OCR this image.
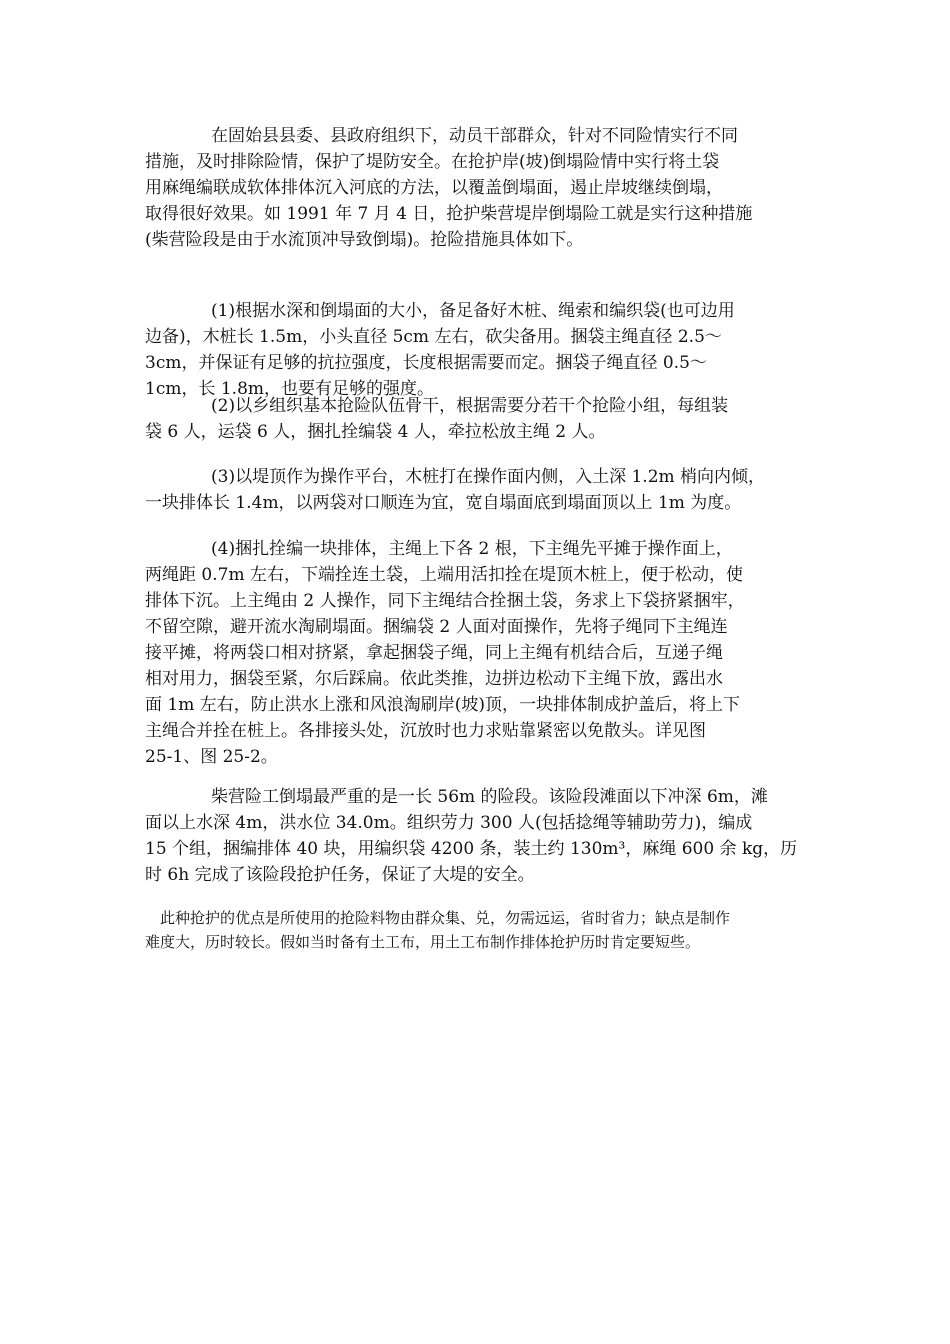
在固始县县委、县政府组织下，动员干部群众，针对不同险情实行不同
措施，及时排除险情，保护了堤防安全。在抢护岸(坡)倒塌险情中实行将土袋
用麻绳编联成软体排体沉入河底的方法，以覆盖倒塌面，遏止岸坡继续倒塌，
取得很好效果。如 1991 年 7 月 4 日，抢护柴营堤岸倒塌险工就是实行这种措施
(柴营险段是由于水流顶冲导致倒塌)。抢险措施具体如下。
(1)根据水深和倒塌面的大小，备足备好木桩、绳索和编织袋(也可边用
边备)，木桩长 1.5m，小头直径 5cm 左右，砍尖备用。捆袋主绳直径 2.5～
3cm，并保证有足够的抗拉强度，长度根据需要而定。捆袋子绳直径 0.5～
1cm，长 1.8m，也要有足够的强度。
(2)以乡组织基本抢险队伍骨干，根据需要分若干个抢险小组，每组装
袋 6 人，运袋 6 人，捆扎拴编袋 4 人，牵拉松放主绳 2 人。
(3)以堤顶作为操作平台，木桩打在操作面内侧，入土深 1.2m 梢向内倾，
一块排体长 1.4m，以两袋对口顺连为宜，宽自塌面底到塌面顶以上 1m 为度。
(4)捆扎拴编一块排体，主绳上下各 2 根，下主绳先平摊于操作面上，
两绳距 0.7m 左右，下端拴连土袋，上端用活扣拴在堤顶木桩上，便于松动，使
排体下沉。上主绳由 2 人操作，同下主绳结合拴捆土袋，务求上下袋挤紧捆牢，
不留空隙，避开流水淘刷塌面。捆编袋 2 人面对面操作，先将子绳同下主绳连
接平摊，将两袋口相对挤紧，拿起捆袋子绳，同上主绳有机结合后，互递子绳
相对用力，捆袋至紧，尔后踩扁。依此类推，边拼边松动下主绳下放，露出水
面 1m 左右，防止洪水上涨和风浪淘刷岸(坡)顶，一块排体制成护盖后，将上下
主绳合并拴在桩上。各排接头处，沉放时也力求贴靠紧密以免散头。详见图
25-1、图 25-2。
柴营险工倒塌最严重的是一长 56m 的险段。该险段滩面以下冲深 6m，滩
面以上水深 4m，洪水位 34.0m。组织劳力 300 人(包括捻绳等辅助劳力)，编成
15 个组，捆编排体 40 块，用编织袋 4200 条，装土约 130m³，麻绳 600 余 kg，历
时 6h 完成了该险段抢护任务，保证了大堤的安全。
此种抢护的优点是所使用的抢险料物由群众集、兑，勿需远运，省时省力；缺点是制作
难度大，历时较长。假如当时备有土工布，用土工布制作排体抢护历时肯定要短些。
